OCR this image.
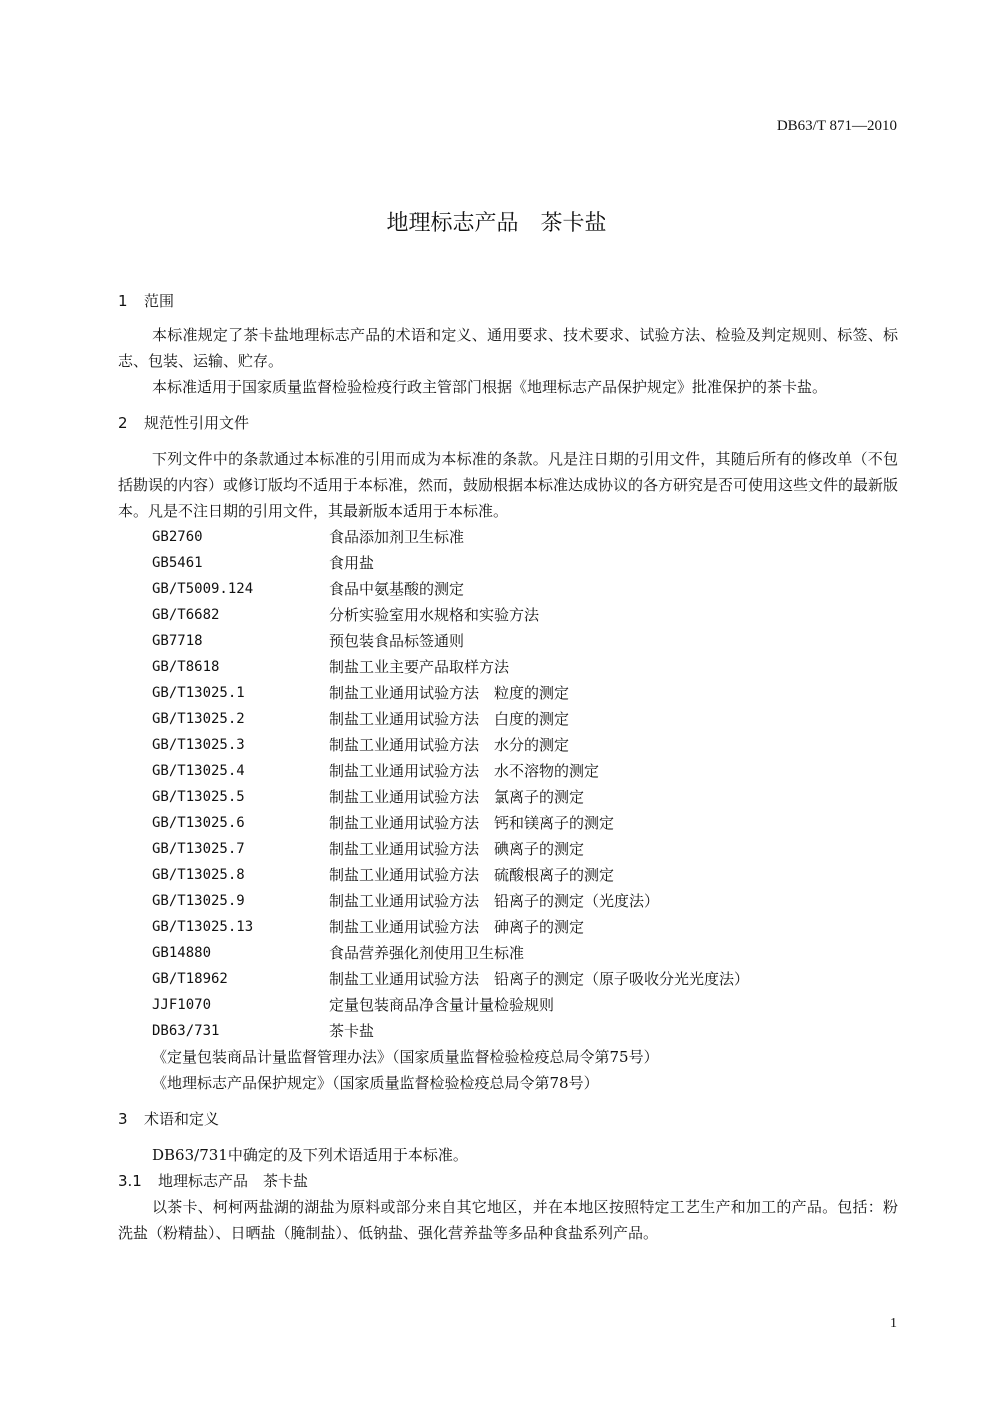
DB63/T 871—2010
地理标志产品　茶卡盐
1	范围

本标准规定了茶卡盐地理标志产品的术语和定义、通用要求、技术要求、试验方法、检验及判定规则、标签、标志、包装、运输、贮存。

本标准适用于国家质量监督检验检疫行政主管部门根据《地理标志产品保护规定》批准保护的茶卡盐。

2	规范性引用文件

下列文件中的条款通过本标准的引用而成为本标准的条款。凡是注日期的引用文件，其随后所有的修改单（不包括勘误的内容）或修订版均不适用于本标准，然而，鼓励根据本标准达成协议的各方研究是否可使用这些文件的最新版本。凡是不注日期的引用文件，其最新版本适用于本标准。

GB2760	食品添加剂卫生标准
GB5461	食用盐
GB/T5009.124	食品中氨基酸的测定
GB/T6682	分析实验室用水规格和实验方法
GB7718	预包装食品标签通则
GB/T8618	制盐工业主要产品取样方法
GB/T13025.1	制盐工业通用试验方法　粒度的测定
GB/T13025.2	制盐工业通用试验方法　白度的测定
GB/T13025.3	制盐工业通用试验方法　水分的测定
GB/T13025.4	制盐工业通用试验方法　水不溶物的测定
GB/T13025.5	制盐工业通用试验方法　氯离子的测定
GB/T13025.6	制盐工业通用试验方法　钙和镁离子的测定
GB/T13025.7	制盐工业通用试验方法　碘离子的测定
GB/T13025.8	制盐工业通用试验方法　硫酸根离子的测定
GB/T13025.9	制盐工业通用试验方法　铅离子的测定（光度法）
GB/T13025.13	制盐工业通用试验方法　砷离子的测定
GB14880	食品营养强化剂使用卫生标准
GB/T18962	制盐工业通用试验方法　铅离子的测定（原子吸收分光光度法）
JJF1070	定量包装商品净含量计量检验规则
DB63/731	茶卡盐
《定量包装商品计量监督管理办法》（国家质量监督检验检疫总局令第75号）
《地理标志产品保护规定》（国家质量监督检验检疫总局令第78号）
3	术语和定义

DB63/731中确定的及下列术语适用于本标准。

3.1	地理标志产品　茶卡盐

以茶卡、柯柯两盐湖的湖盐为原料或部分来自其它地区，并在本地区按照特定工艺生产和加工的产品。包括：粉洗盐（粉精盐）、日晒盐（腌制盐）、低钠盐、强化营养盐等多品种食盐系列产品。

1
